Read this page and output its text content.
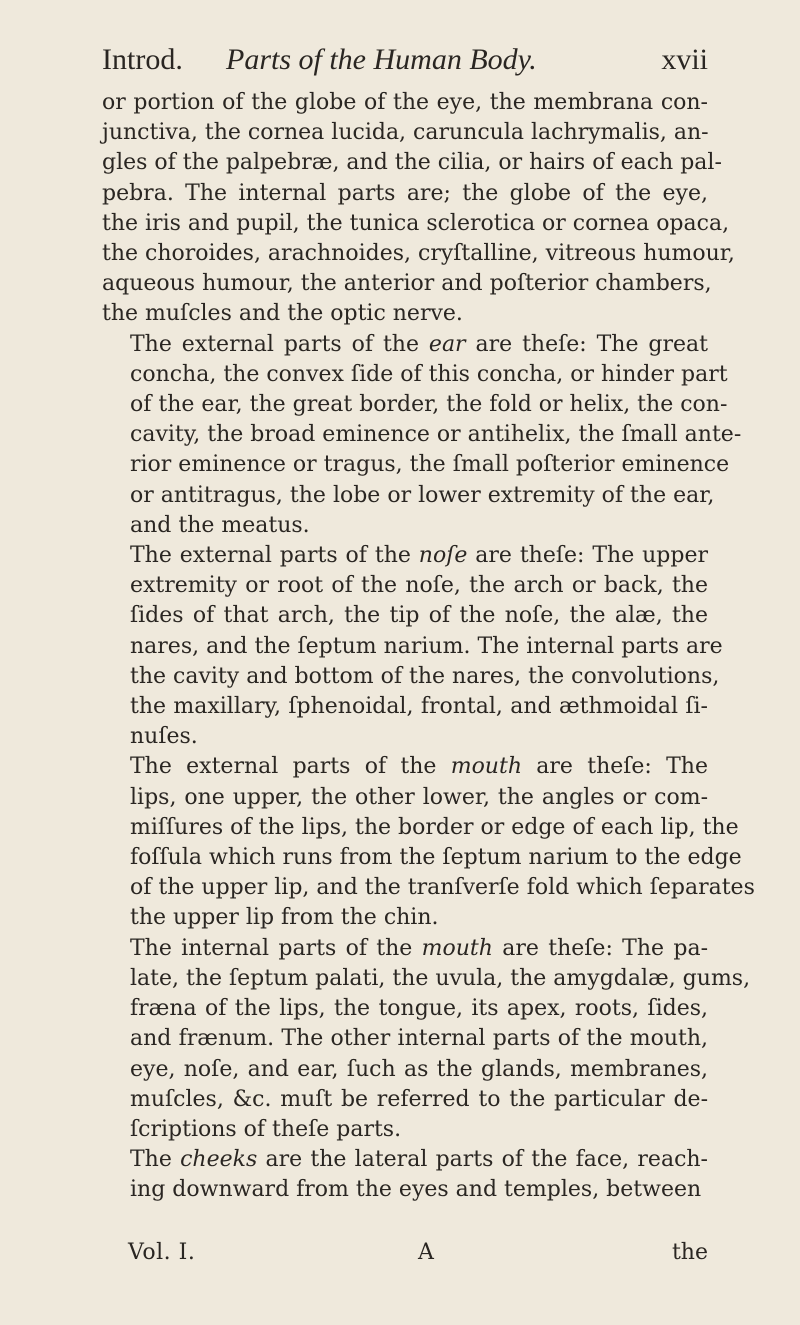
Introd. Parts of the Human Body.	xvii
or portion of the globe of the eye, the membrana con-
junctiva, the cornea lucida, caruncula lachrymalis, an-
gles of the palpebræ, and the cilia, or hairs of each pal-
pebra. The internal parts are; the globe of the eye,
the iris and pupil, the tunica sclerotica or cornea opaca,
the choroides, arachnoides, cryſtalline, vitreous humour,
aqueous humour, the anterior and poſterior chambers,
the muſcles and the optic nerve.
The external parts of the ear are theſe: The great
concha, the convex ſide of this concha, or hinder part
of the ear, the great border, the fold or helix, the con-
cavity, the broad eminence or antihelix, the ſmall ante-
rior eminence or tragus, the ſmall poſterior eminence
or antitragus, the lobe or lower extremity of the ear,
and the meatus.
The external parts of the noſe are theſe: The upper
extremity or root of the noſe, the arch or back, the
ſides of that arch, the tip of the noſe, the alæ, the
nares, and the ſeptum narium. The internal parts are
the cavity and bottom of the nares, the convolutions,
the maxillary, ſphenoidal, frontal, and æthmoidal ſi-
nuſes.
The external parts of the mouth are theſe: The
lips, one upper, the other lower, the angles or com-
miſſures of the lips, the border or edge of each lip, the
foſſula which runs from the ſeptum narium to the edge
of the upper lip, and the tranſverſe fold which ſeparates
the upper lip from the chin.
The internal parts of the mouth are theſe: The pa-
late, the ſeptum palati, the uvula, the amygdalæ, gums,
fræna of the lips, the tongue, its apex, roots, ſides,
and frænum. The other internal parts of the mouth,
eye, noſe, and ear, ſuch as the glands, membranes,
muſcles, &c. muſt be referred to the particular de-
ſcriptions of theſe parts.
The cheeks are the lateral parts of the face, reach-
ing downward from the eyes and temples, between
Vol. I.	A	the
